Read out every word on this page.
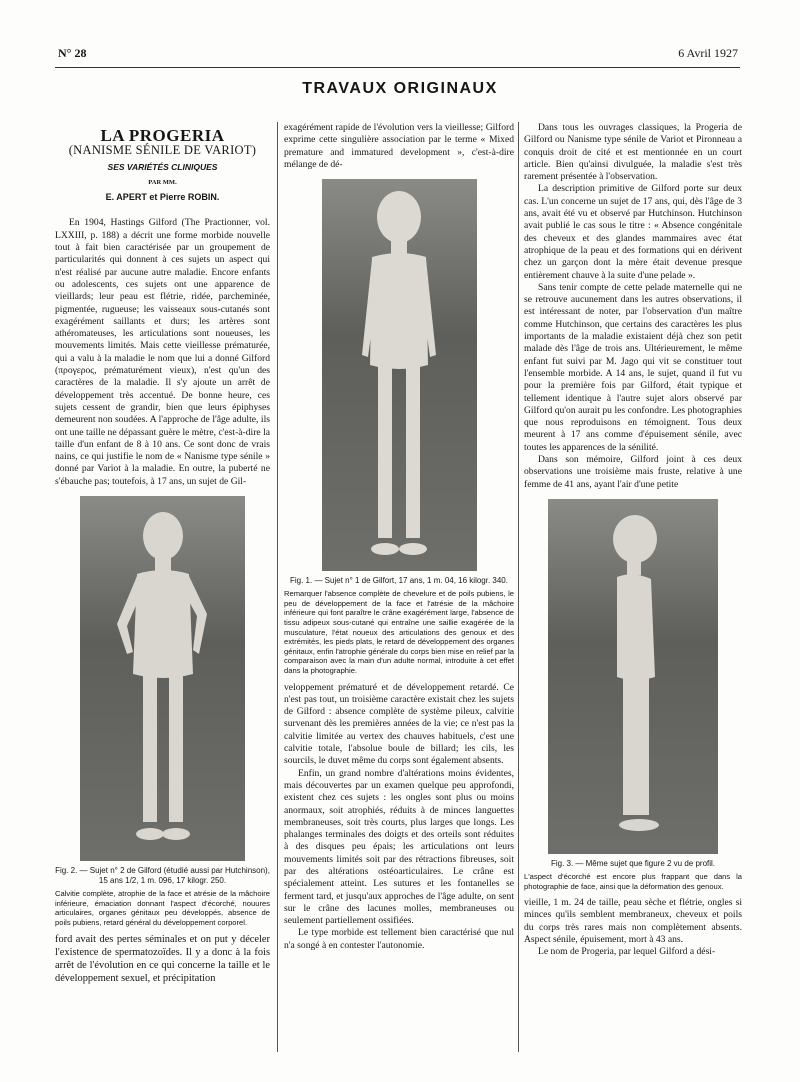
N° 28	6 Avril 1927
TRAVAUX ORIGINAUX
LA PROGERIA
(NANISME SÉNILE DE VARIOT)
SES VARIÉTÉS CLINIQUES
PAR MM.
E. APERT et Pierre ROBIN.

En 1904, Hastings Gilford (The Practionner, vol. LXXIII, p. 188) a décrit une forme morbide nouvelle tout à fait bien caractérisée par un groupement de particularités qui donnent à ces sujets un aspect qui n'est réalisé par aucune autre maladie. Encore enfants ou adolescents, ces sujets ont une apparence de vieillards; leur peau est flétrie, ridée, parcheminée, pigmentée, rugueuse; les vaisseaux sous-cutanés sont exagérément saillants et durs; les artères sont athéromateuses, les articulations sont noueuses, les mouvements limités. Mais cette vieillesse prématurée, qui a valu à la maladie le nom que lui a donné Gilford (προγερος, prématurément vieux), n'est qu'un des caractères de la maladie. Il s'y ajoute un arrêt de développement très accentué. De bonne heure, ces sujets cessent de grandir, bien que leurs épiphyses demeurent non soudées. A l'approche de l'âge adulte, ils ont une taille ne dépassant guère le mètre, c'est-à-dire la taille d'un enfant de 8 à 10 ans. Ce sont donc de vrais nains, ce qui justifie le nom de « Nanisme type sénile » donné par Variot à la maladie. En outre, la puberté ne s'ébauche pas; toutefois, à 17 ans, un sujet de Gil-

Fig. 2. — Sujet n° 2 de Gilford (étudié aussi par Hutchinson), 15 ans 1/2, 1 m. 096, 17 kilogr. 250.
Calvitie complète, atrophie de la face et atrésie de la mâchoire inférieure, émaciation donnant l'aspect d'écorché, nouures articulaires, organes génitaux peu développés, absence de poils pubiens, retard général du développement corporel.

ford avait des pertes séminales et on put y déceler l'existence de spermatozoïdes. Il y a donc à la fois arrêt de l'évolution en ce qui concerne la taille et le développement sexuel, et précipitation

exagérément rapide de l'évolution vers la vieillesse; Gilford exprime cette singulière association par le terme « Mixed premature and immatured development », c'est-à-dire mélange de dé-

Fig. 1. — Sujet n° 1 de Gilfort, 17 ans, 1 m. 04, 16 kilogr. 340.
Remarquer l'absence complète de chevelure et de poils pubiens, le peu de développement de la face et l'atrésie de la mâchoire inférieure qui font paraître le crâne exagérément large, l'absence de tissu adipeux sous-cutané qui entraîne une saillie exagérée de la musculature, l'état noueux des articulations des genoux et des extrémités, les pieds plats, le retard de développement des organes génitaux, enfin l'atrophie générale du corps bien mise en relief par la comparaison avec la main d'un adulte normal, introduite à cet effet dans la photographie.

veloppement prématuré et de développement retardé. Ce n'est pas tout, un troisième caractère existait chez les sujets de Gilford : absence complète de système pileux, calvitie survenant dès les premières années de la vie; ce n'est pas la calvitie limitée au vertex des chauves habituels, c'est une calvitie totale, l'absolue boule de billard; les cils, les sourcils, le duvet même du corps sont également absents.

Enfin, un grand nombre d'altérations moins évidentes, mais découvertes par un examen quelque peu approfondi, existent chez ces sujets : les ongles sont plus ou moins anormaux, soit atrophiés, réduits à de minces languettes membraneuses, soit très courts, plus larges que longs. Les phalanges terminales des doigts et des orteils sont réduites à des disques peu épais; les articulations ont leurs mouvements limités soit par des rétractions fibreuses, soit par des altérations ostéoarticulaires. Le crâne est spécialement atteint. Les sutures et les fontanelles se ferment tard, et jusqu'aux approches de l'âge adulte, on sent sur le crâne des lacunes molles, membraneuses ou seulement partiellement ossifiées.

Le type morbide est tellement bien caractérisé que nul n'a songé à en contester l'autonomie.

Dans tous les ouvrages classiques, la Progeria de Gilford ou Nanisme type sénile de Variot et Pironneau a conquis droit de cité et est mentionnée en un court article. Bien qu'ainsi divulguée, la maladie s'est très rarement présentée à l'observation.

La description primitive de Gilford porte sur deux cas. L'un concerne un sujet de 17 ans, qui, dès l'âge de 3 ans, avait été vu et observé par Hutchinson. Hutchinson avait publié le cas sous le titre : « Absence congénitale des cheveux et des glandes mammaires avec état atrophique de la peau et des formations qui en dérivent chez un garçon dont la mère était devenue presque entièrement chauve à la suite d'une pelade ».

Sans tenir compte de cette pelade maternelle qui ne se retrouve aucunement dans les autres observations, il est intéressant de noter, par l'observation d'un maître comme Hutchinson, que certains des caractères les plus importants de la maladie existaient déjà chez son petit malade dès l'âge de trois ans. Ultérieurement, le même enfant fut suivi par M. Jago qui vit se constituer tout l'ensemble morbide. A 14 ans, le sujet, quand il fut vu pour la première fois par Gilford, était typique et tellement identique à l'autre sujet alors observé par Gilford qu'on aurait pu les confondre. Les photographies que nous reproduisons en témoignent. Tous deux meurent à 17 ans comme d'épuisement sénile, avec toutes les apparences de la sénilité.

Dans son mémoire, Gilford joint à ces deux observations une troisième mais fruste, relative à une femme de 41 ans, ayant l'air d'une petite

Fig. 3. — Même sujet que figure 2 vu de profil.
L'aspect d'écorché est encore plus frappant que dans la photographie de face, ainsi que la déformation des genoux.

vieille, 1 m. 24 de taille, peau sèche et flétrie, ongles si minces qu'ils semblent membraneux, cheveux et poils du corps très rares mais non complètement absents. Aspect sénile, épuisement, mort à 43 ans.

Le nom de Progeria, par lequel Gilford a dési-
